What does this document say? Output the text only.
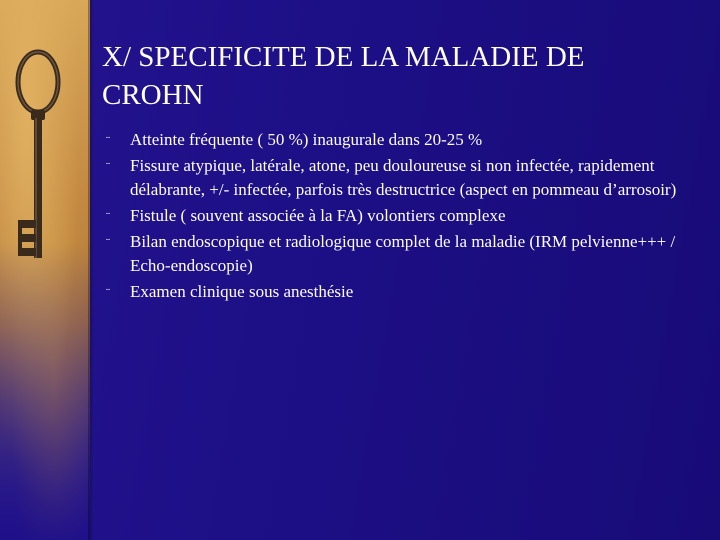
X/ SPECIFICITE DE LA MALADIE DE CROHN
¨	Atteinte fréquente ( 50 %) inaugurale dans 20-25 %
¨	Fissure atypique, latérale, atone, peu douloureuse si non infectée, rapidement délabrante, +/- infectée, parfois très destructrice (aspect en pommeau d’arrosoir)
¨	Fistule ( souvent associée à la FA) volontiers complexe
¨	Bilan endoscopique et radiologique complet de la maladie (IRM pelvienne+++ / Echo-endoscopie)
¨	Examen clinique sous anesthésie
